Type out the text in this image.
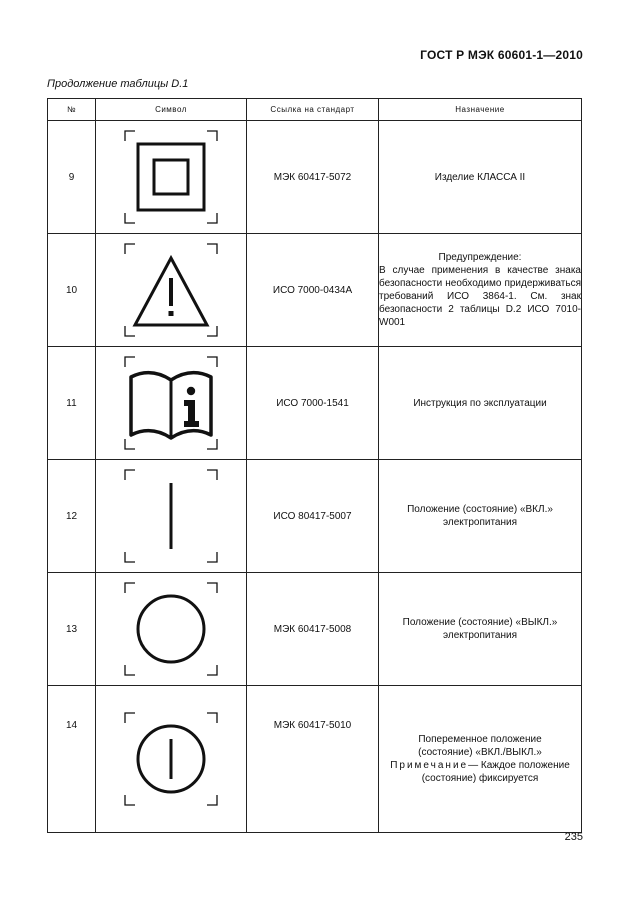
ГОСТ Р МЭК 60601-1—2010
Продолжение таблицы D.1
№	Символ	Ссылка на стандарт	Назначение
9		МЭК 60417-5072	Изделие КЛАССА II
10		ИСО 7000-0434А	Предупреждение:
В случае применения в качестве знака безопасности необходимо придерживаться требований ИСО 3864-1. См. знак безопасности 2 таблицы D.2 ИСО 7010-W001
11		ИСО 7000-1541	Инструкция по эксплуатации
12		ИСО 80417-5007	Положение (состояние) «ВКЛ.»
электропитания

13		МЭК 60417-5008	Положение (состояние) «ВЫКЛ.»
электропитания

14		МЭК 60417-5010	Попеременное положение
(состояние) «ВКЛ./ВЫКЛ.»
Примечание— Каждое положение (состояние) фиксируется
235
